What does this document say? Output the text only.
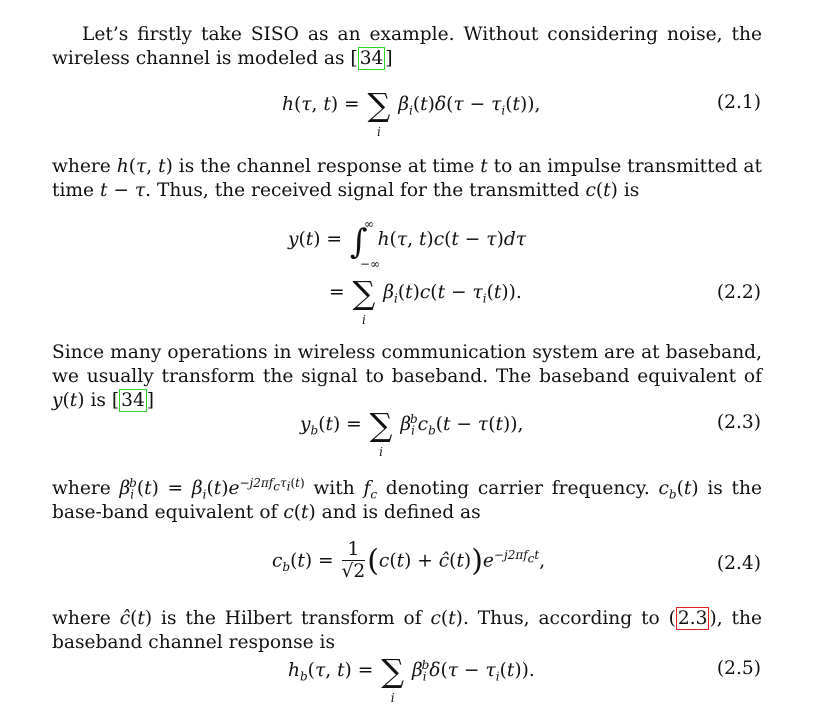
Let’s firstly take SISO as an example. Without considering noise, the wireless channel is modeled as [ 34 ]

h(τ, t) = ∑
i
$\beta_i(t)\delta(\tau - \tau_i(t))$,	(2.1)

where h(τ, t) is the channel response at time t to an impulse transmitted at time t − τ. Thus, the received signal for the transmitted c(t) is

y(t) = ∫
∞
−∞
h(τ, t)c(t − τ)dτ
= ∑
i
$\beta_i(t)c(t - \tau_i(t))$.	(2.2)

Since many operations in wireless communication system are at baseband, we usually transform the signal to baseband. The baseband equivalent of y(t) is [ 34 ]

$y_b(t)$ = ∑
i
$\beta_i^bc_b(t - \tau(t))$,	(2.3)

where $\beta_i^b(t) = \beta_i(t)e^{-j2\pi f_c\tau_i(t)}$ with $f_c$ denoting carrier frequency. $c_b(t)$ is the base-band equivalent of c(t) and is defined as

$c_b(t) = \frac{1}{√2} (c(t)$ + $ĉ(t))e^{-j2\pi f_ct}$,	(2.4)

where ĉ(t) is the Hilbert transform of c(t). Thus, according to ( 2.3 ), the baseband channel response is

$h_b(\tau$, t) = ∑
i
$\beta_i^b\delta(\tau - \tau_i(t))$.	(2.5)
